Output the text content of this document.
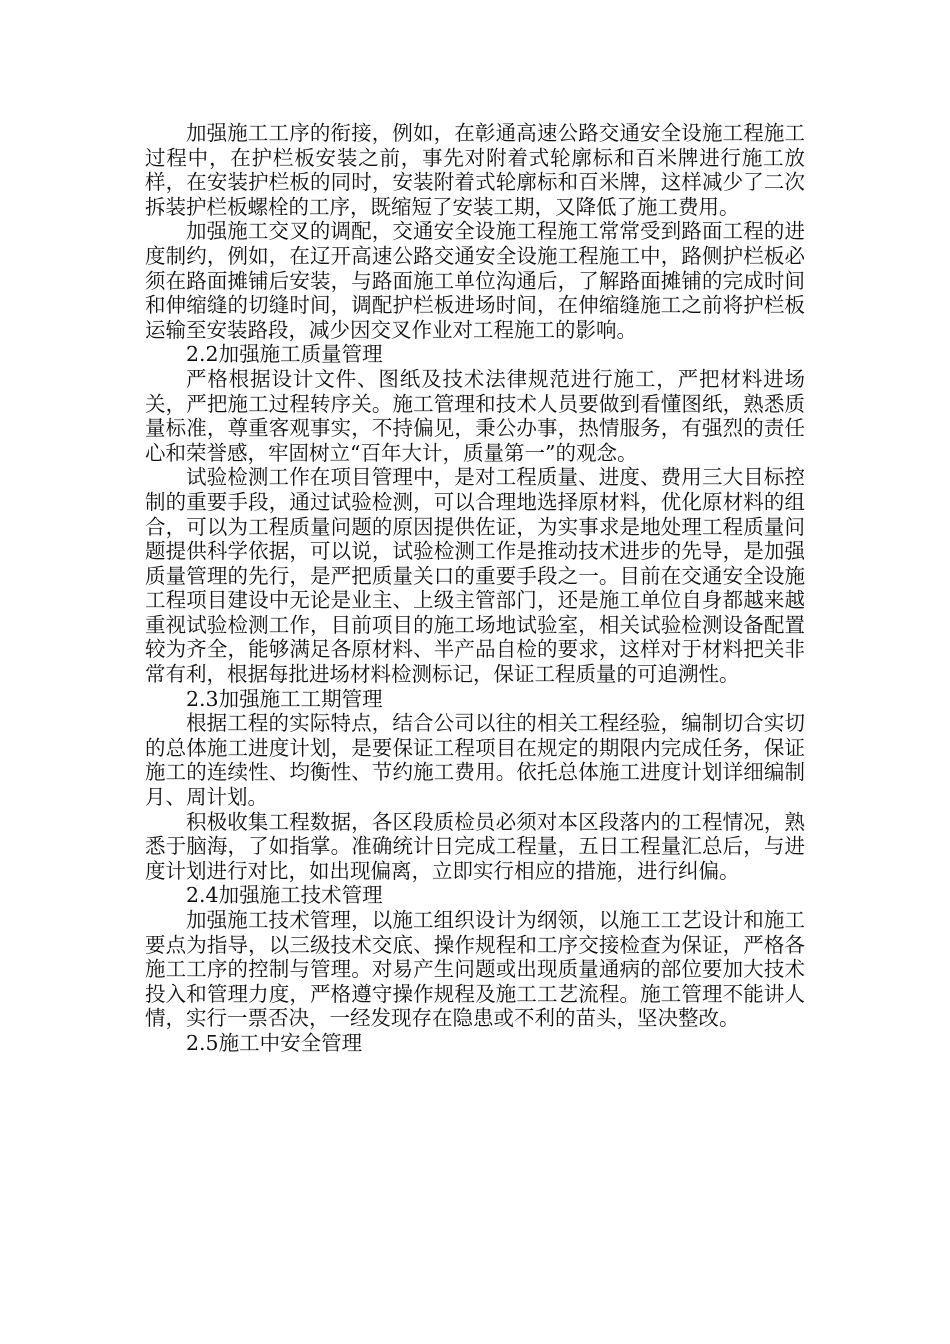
加强施工工序的衔接，例如，在彰通高速公路交通安全设施工程施工过程中，在护栏板安装之前，事先对附着式轮廓标和百米牌进行施工放样，在安装护栏板的同时，安装附着式轮廓标和百米牌，这样减少了二次拆装护栏板螺栓的工序，既缩短了安装工期，又降低了施工费用。

加强施工交叉的调配，交通安全设施工程施工常常受到路面工程的进度制约，例如，在辽开高速公路交通安全设施工程施工中，路侧护栏板必须在路面摊铺后安装，与路面施工单位沟通后，了解路面摊铺的完成时间和伸缩缝的切缝时间，调配护栏板进场时间，在伸缩缝施工之前将护栏板运输至安装路段，减少因交叉作业对工程施工的影响。

2.2加强施工质量管理

严格根据设计文件、图纸及技术法律规范进行施工，严把材料进场关，严把施工过程转序关。施工管理和技术人员要做到看懂图纸，熟悉质量标准，尊重客观事实，不持偏见，秉公办事，热情服务，有强烈的责任心和荣誉感，牢固树立“百年大计，质量第一”的观念。

试验检测工作在项目管理中，是对工程质量、进度、费用三大目标控制的重要手段，通过试验检测，可以合理地选择原材料，优化原材料的组合，可以为工程质量问题的原因提供佐证，为实事求是地处理工程质量问题提供科学依据，可以说，试验检测工作是推动技术进步的先导，是加强质量管理的先行，是严把质量关口的重要手段之一。目前在交通安全设施工程项目建设中无论是业主、上级主管部门，还是施工单位自身都越来越重视试验检测工作，目前项目的施工场地试验室，相关试验检测设备配置较为齐全，能够满足各原材料、半产品自检的要求，这样对于材料把关非常有利，根据每批进场材料检测标记，保证工程质量的可追溯性。

2.3加强施工工期管理

根据工程的实际特点，结合公司以往的相关工程经验，编制切合实切的总体施工进度计划，是要保证工程项目在规定的期限内完成任务，保证施工的连续性、均衡性、节约施工费用。依托总体施工进度计划详细编制月、周计划。

积极收集工程数据，各区段质检员必须对本区段落内的工程情况，熟悉于脑海，了如指掌。准确统计日完成工程量，五日工程量汇总后，与进度计划进行对比，如出现偏离，立即实行相应的措施，进行纠偏。

2.4加强施工技术管理

加强施工技术管理，以施工组织设计为纲领，以施工工艺设计和施工要点为指导，以三级技术交底、操作规程和工序交接检查为保证，严格各施工工序的控制与管理。对易产生问题或出现质量通病的部位要加大技术投入和管理力度，严格遵守操作规程及施工工艺流程。施工管理不能讲人情，实行一票否决，一经发现存在隐患或不利的苗头，坚决整改。

2.5施工中安全管理
